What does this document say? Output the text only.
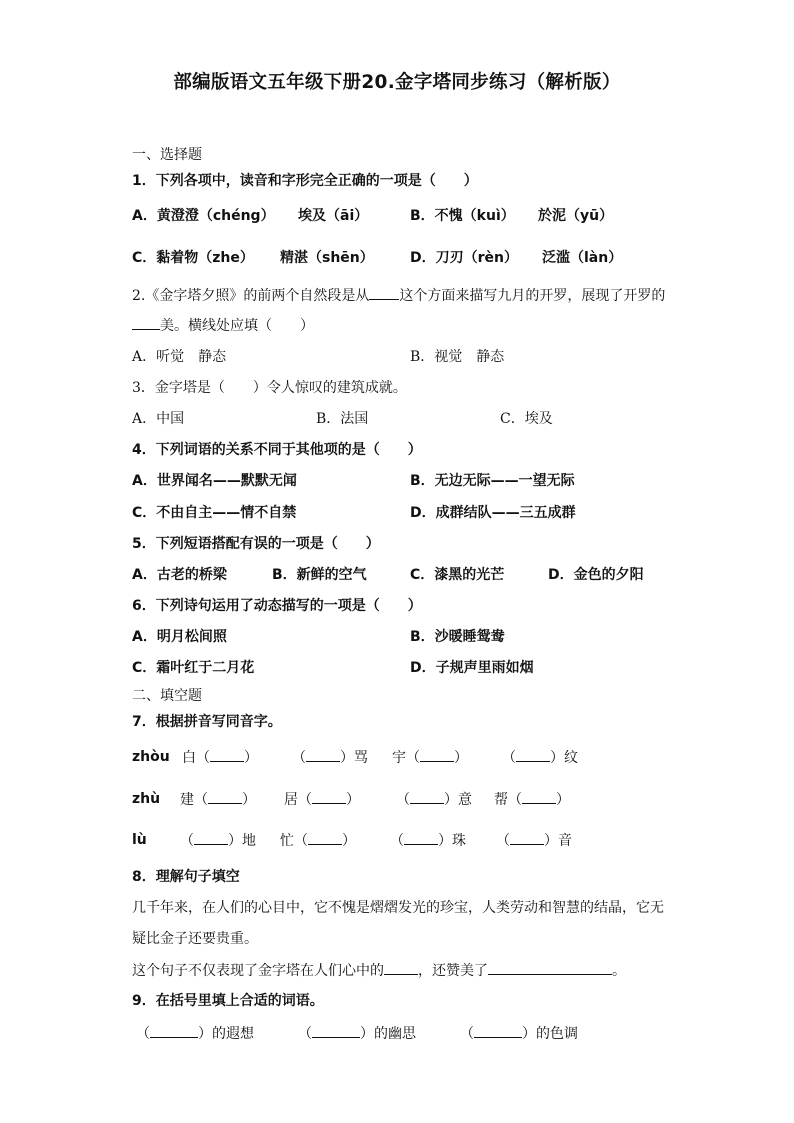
部编版语文五年级下册20.金字塔同步练习（解析版）
一、选择题
1．下列各项中，读音和字形完全正确的一项是（　　）
A．黄澄澄（chéng） 埃及（āi）	B．不愧（kuì） 於泥（yū）
C．黏着物（zhe） 精湛（shēn）	D．刀刃（rèn） 泛滥（làn）
2.《金字塔夕照》的前两个自然段是从 这个方面来描写九月的开罗，展现了开罗的
美。横线处应填（　　）
A．听觉　静态	B．视觉　静态
3．金字塔是（　　）令人惊叹的建筑成就。
A．中国	B．法国	C．埃及
4．下列词语的关系不同于其他项的是（　　）
A．世界闻名——默默无闻	B．无边无际——一望无际
C．不由自主——情不自禁	D．成群结队——三五成群
5．下列短语搭配有误的一项是（　　）
A．古老的桥梁	B．新鲜的空气	C．漆黑的光芒	D．金色的夕阳
6．下列诗句运用了动态描写的一项是（　　）
A．明月松间照	B．沙暖睡鸳鸯
C．霜叶红于二月花	D．子规声里雨如烟
二、填空题
7．根据拼音写同音字。
zhòu 白（ ） （ ）骂 宇（ ） （ ）纹
zhù 建（ ） 居（ ）	（ ）意 帮（ ）
lù （ ）地 忙（ ） （ ）珠 （ ）音
8．理解句子填空
几千年来，在人们的心目中，它不愧是熠熠发光的珍宝，人类劳动和智慧的结晶，它无
疑比金子还要贵重。
这个句子不仅表现了金字塔在人们心中的 ，还赞美了	。
9．在括号里填上合适的词语。
（	）的遐想	（	）的幽思	（	）的色调
